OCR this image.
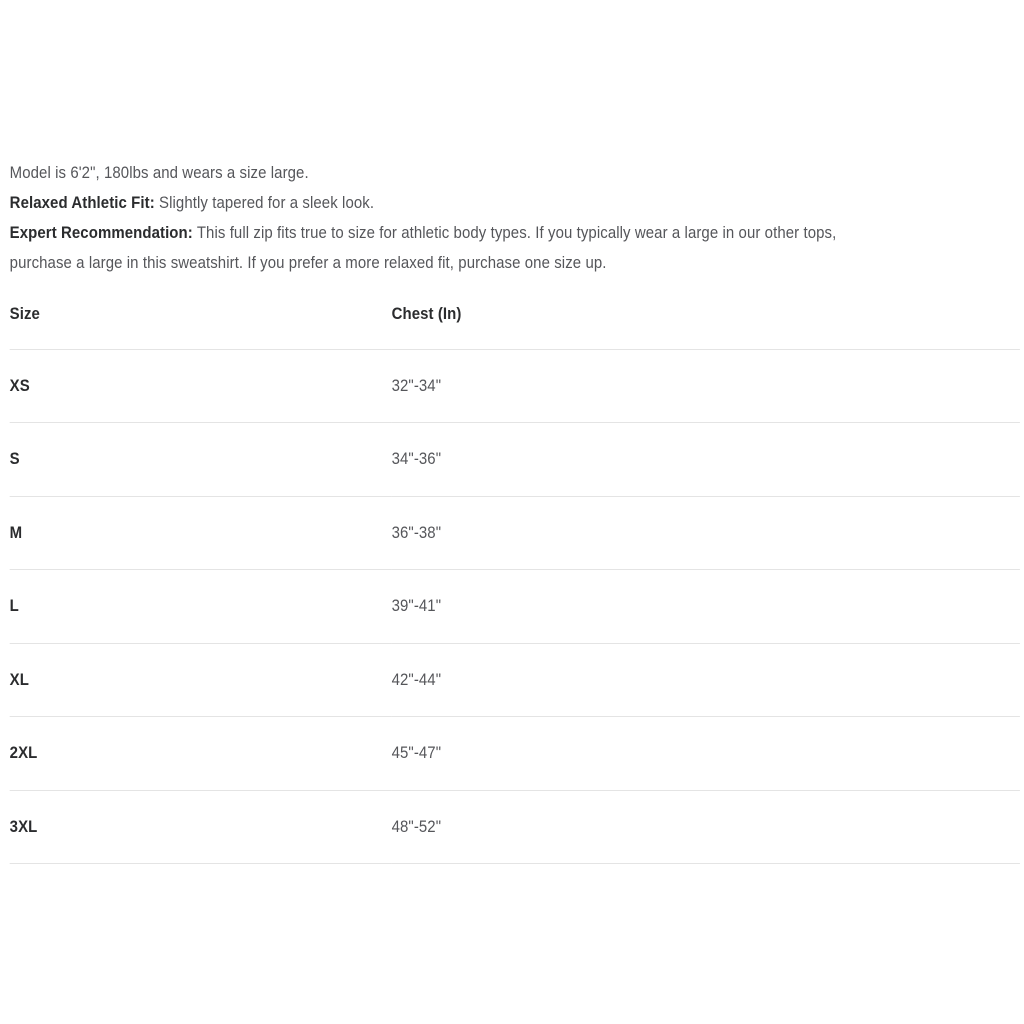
Model is 6'2", 180lbs and wears a size large.

Relaxed Athletic Fit: Slightly tapered for a sleek look.

Expert Recommendation: This full zip fits true to size for athletic body types. If you typically wear a large in our other tops,
purchase a large in this sweatshirt. If you prefer a more relaxed fit, purchase one size up.

Size	Chest (In)
XS	32"-34"
S	34"-36"
M	36"-38"
L	39"-41"
XL	42"-44"
2XL	45"-47"
3XL	48"-52"
